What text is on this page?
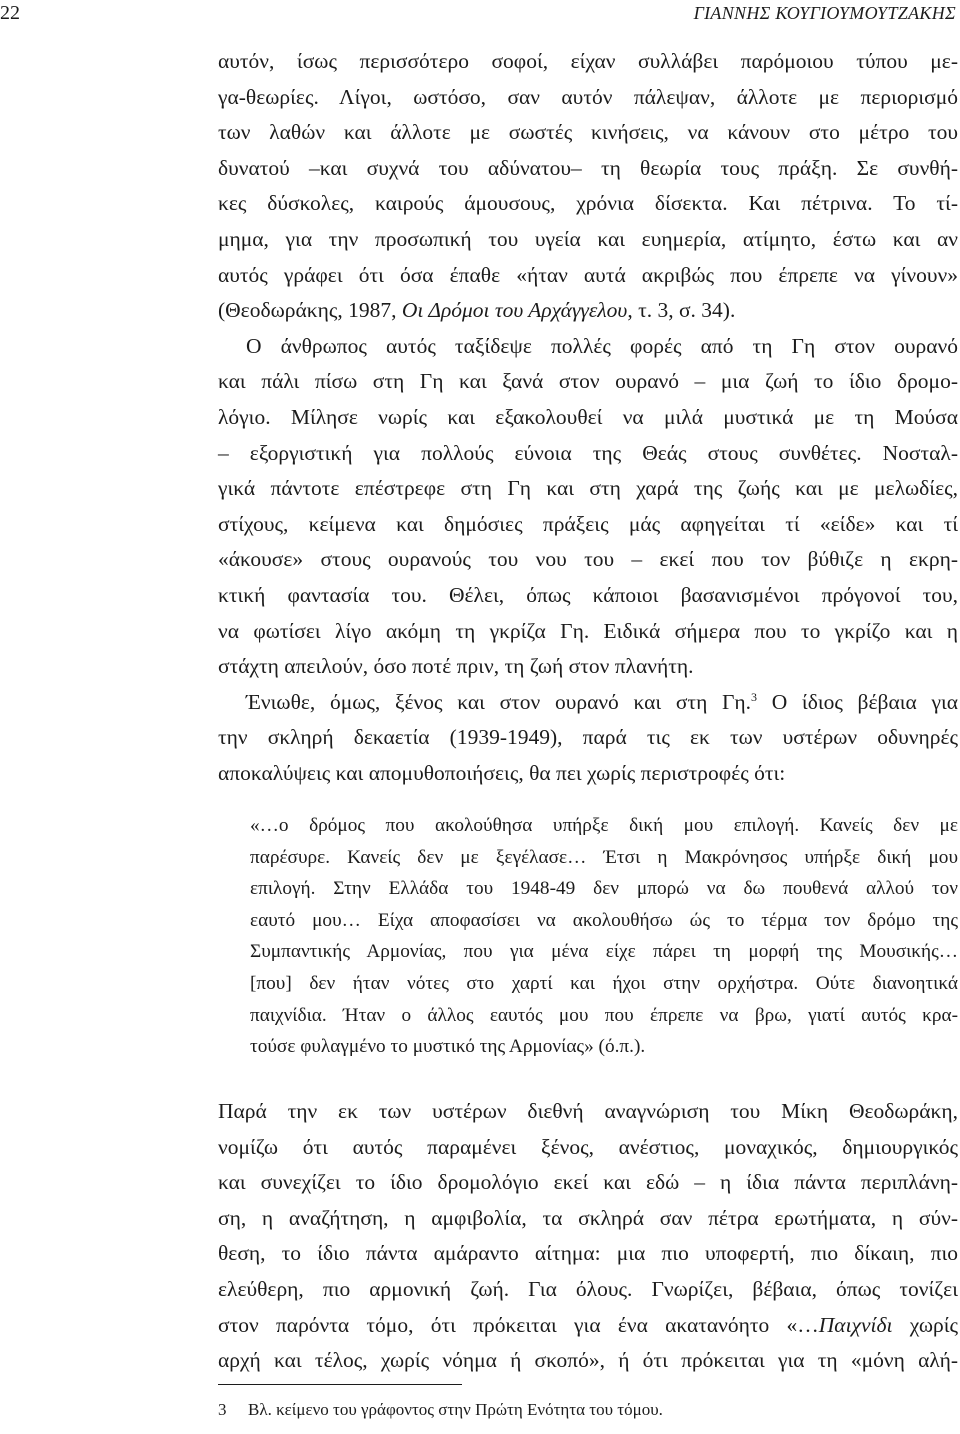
22	ΓΙΑΝΝΗΣ ΚΟΥΓΙΟΥΜΟΥΤΖΑΚΗΣ
αυτόν, ίσως περισσότερο σοφοί, είχαν συλλάβει παρόμοιου τύπου με-
γα-θεωρίες. Λίγοι, ωστόσο, σαν αυτόν πάλεψαν, άλλοτε με περιορισμό
των λαθών και άλλοτε με σωστές κινήσεις, να κάνουν στο μέτρο του
δυνατού –και συχνά του αδύνατου– τη θεωρία τους πράξη. Σε συνθή-
κες δύσκολες, καιρούς άμουσους, χρόνια δίσεκτα. Και πέτρινα. Το τί-
μημα, για την προσωπική του υγεία και ευημερία, ατίμητο, έστω και αν
αυτός γράφει ότι όσα έπαθε «ήταν αυτά ακριβώς που έπρεπε να γίνουν»
(Θεοδωράκης, 1987, Οι Δρόμοι του Αρχάγγελου, τ. 3, σ. 34).
Ο άνθρωπος αυτός ταξίδεψε πολλές φορές από τη Γη στον ουρανό
και πάλι πίσω στη Γη και ξανά στον ουρανό – μια ζωή το ίδιο δρομο-
λόγιο. Μίλησε νωρίς και εξακολουθεί να μιλά μυστικά με τη Μούσα
– εξοργιστική για πολλούς εύνοια της Θεάς στους συνθέτες. Νοσταλ-
γικά πάντοτε επέστρεφε στη Γη και στη χαρά της ζωής και με μελωδίες,
στίχους, κείμενα και δημόσιες πράξεις μάς αφηγείται τί «είδε» και τί
«άκουσε» στους ουρανούς του νου του – εκεί που τον βύθιζε η εκρη-
κτική φαντασία του. Θέλει, όπως κάποιοι βασανισμένοι πρόγονοί του,
να φωτίσει λίγο ακόμη τη γκρίζα Γη. Ειδικά σήμερα που το γκρίζο και η
στάχτη απειλούν, όσο ποτέ πριν, τη ζωή στον πλανήτη.
Ένιωθε, όμως, ξένος και στον ουρανό και στη Γη.$^3$ Ο ίδιος βέβαια για
την σκληρή δεκαετία (1939-1949), παρά τις εκ των υστέρων οδυνηρές
αποκαλύψεις και απομυθοποιήσεις, θα πει χωρίς περιστροφές ότι:
«…ο δρόμος που ακολούθησα υπήρξε δική μου επιλογή. Κανείς δεν με
παρέσυρε. Κανείς δεν με ξεγέλασε… Έτσι η Μακρόνησος υπήρξε δική μου
επιλογή. Στην Ελλάδα του 1948-49 δεν μπορώ να δω πουθενά αλλού τον
εαυτό μου… Είχα αποφασίσει να ακολουθήσω ώς το τέρμα τον δρόμο της
Συμπαντικής Αρμονίας, που για μένα είχε πάρει τη μορφή της Μουσικής…
[που] δεν ήταν νότες στο χαρτί και ήχοι στην ορχήστρα. Ούτε διανοητικά
παιχνίδια. Ήταν ο άλλος εαυτός μου που έπρεπε να βρω, γιατί αυτός κρα-
τούσε φυλαγμένο το μυστικό της Αρμονίας» (ό.π.).
Παρά την εκ των υστέρων διεθνή αναγνώριση του Μίκη Θεοδωράκη,
νομίζω ότι αυτός παραμένει ξένος, ανέστιος, μοναχικός, δημιουργικός
και συνεχίζει το ίδιο δρομολόγιο εκεί και εδώ – η ίδια πάντα περιπλάνη-
ση, η αναζήτηση, η αμφιβολία, τα σκληρά σαν πέτρα ερωτήματα, η σύν-
θεση, το ίδιο πάντα αμάραντο αίτημα: μια πιο υποφερτή, πιο δίκαιη, πιο
ελεύθερη, πιο αρμονική ζωή. Για όλους. Γνωρίζει, βέβαια, όπως τονίζει
στον παρόντα τόμο, ότι πρόκειται για ένα ακατανόητο «…Παιχνίδι χωρίς
αρχή και τέλος, χωρίς νόημα ή σκοπό», ή ότι πρόκειται για τη «μόνη αλή-
3 Βλ. κείμενο του γράφοντος στην Πρώτη Ενότητα του τόμου.
